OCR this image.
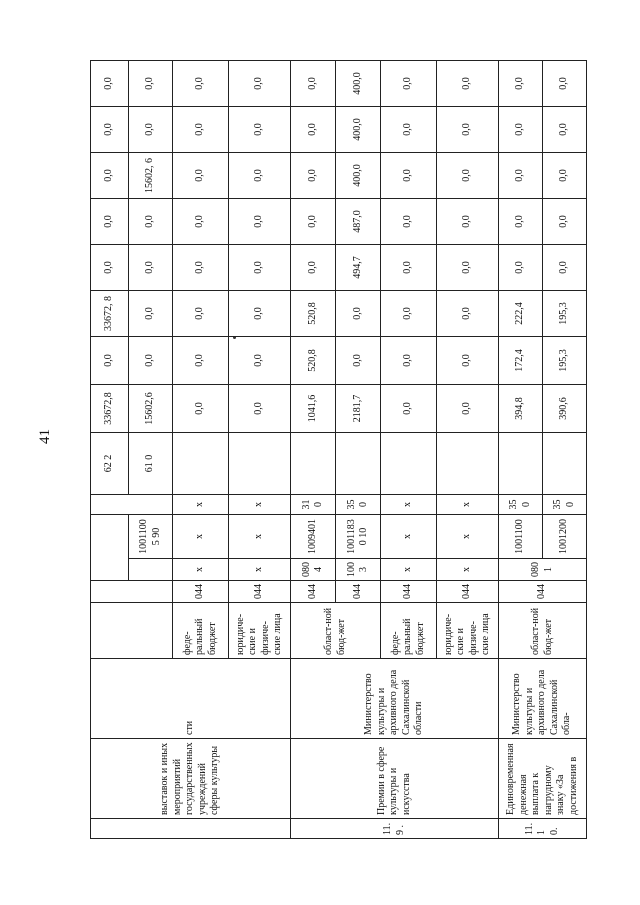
41
	выставок и иных мероприятий государственных учреждений сферы культуры	сти						62 2	33672,8	0,0	33672, 8	0,0	0,0	0,0	0,0	0,0
						10011005 90		61 0	15602,6	0,0	0,0	0,0	0,0	15602, 6	0,0	0,0
			феде-ральный бюджет	044	x	x	x		0,0	0,0	0,0	0,0	0,0	0,0	0,0	0,0
			юридиче-ские и физиче-ские лица	044	x	x	x		0,0	0,0	0,0	0,0	0,0	0,0	0,0	0,0
11.9 .	Премии в сфере культуры и искусства	Министерство культуры и архивного дела Сахалинской области	област-ной бюд-жет	044	080 4	1009401	31 0		1041,6	520,8	520,8	0,0	0,0	0,0	0,0	0,0
				044	100 3	10011830 10	35 0		2181,7	0,0	0,0	494,7	487,0	400,0	400,0	400,0
			феде-ральный бюджет	044	x	x	x		0,0	0,0	0,0	0,0	0,0	0,0	0,0	0,0
			юридиче-ские и физиче-ские лица	044	x	x	x		0,0	0,0	0,0	0,0	0,0	0,0	0,0	0,0
11.1 0.	Единовременная денежная выплата к нагрудному знаку «За достижения в	Министерство культуры и архивного дела Сахалинской обла-	област-ной бюд-жет	044	080 1	1001100	35 0		394,8	172,4	222,4	0,0	0,0	0,0	0,0	0,0
						1001200	35 0		390,6	195,3	195,3	0,0	0,0	0,0	0,0	0,0
